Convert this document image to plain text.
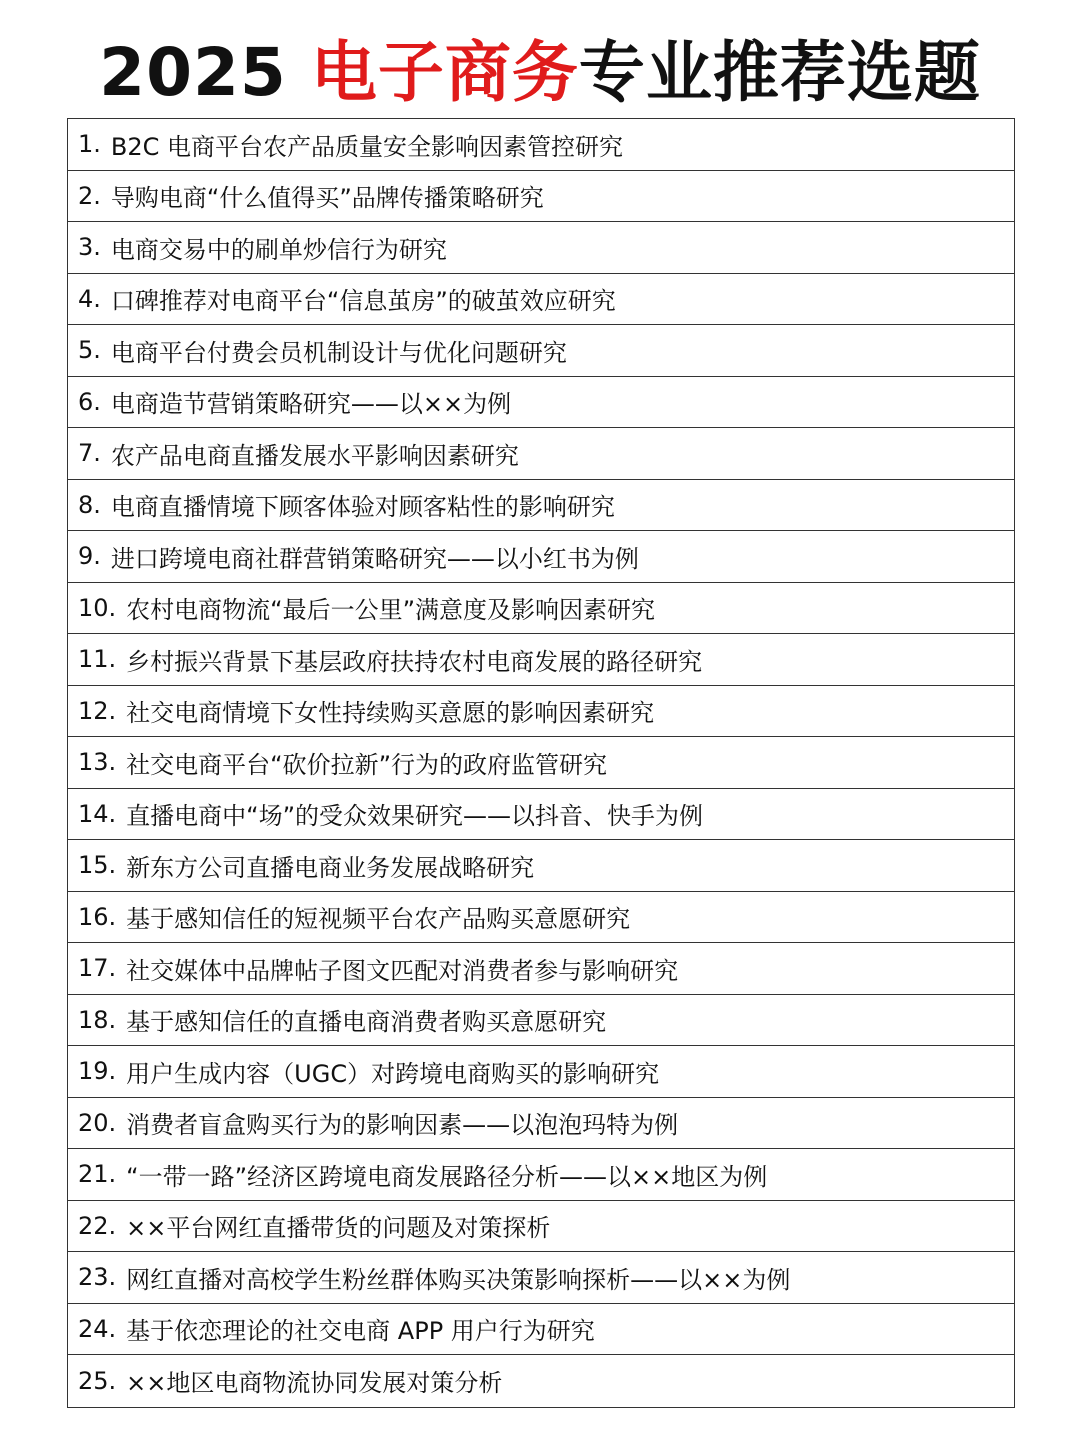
2025 电子商务专业推荐选题
1. B2C 电商平台农产品质量安全影响因素管控研究
2. 导购电商“什么值得买”品牌传播策略研究
3. 电商交易中的刷单炒信行为研究
4. 口碑推荐对电商平台“信息茧房”的破茧效应研究
5. 电商平台付费会员机制设计与优化问题研究
6. 电商造节营销策略研究——以××为例
7. 农产品电商直播发展水平影响因素研究
8. 电商直播情境下顾客体验对顾客粘性的影响研究
9. 进口跨境电商社群营销策略研究——以小红书为例
10. 农村电商物流“最后一公里”满意度及影响因素研究
11. 乡村振兴背景下基层政府扶持农村电商发展的路径研究
12. 社交电商情境下女性持续购买意愿的影响因素研究
13. 社交电商平台“砍价拉新”行为的政府监管研究
14. 直播电商中“场”的受众效果研究——以抖音、快手为例
15. 新东方公司直播电商业务发展战略研究
16. 基于感知信任的短视频平台农产品购买意愿研究
17. 社交媒体中品牌帖子图文匹配对消费者参与影响研究
18. 基于感知信任的直播电商消费者购买意愿研究
19. 用户生成内容（UGC）对跨境电商购买的影响研究
20. 消费者盲盒购买行为的影响因素——以泡泡玛特为例
21. “一带一路”经济区跨境电商发展路径分析——以××地区为例
22. ××平台网红直播带货的问题及对策探析
23. 网红直播对高校学生粉丝群体购买决策影响探析——以××为例
24. 基于依恋理论的社交电商 APP 用户行为研究
25. ××地区电商物流协同发展对策分析
